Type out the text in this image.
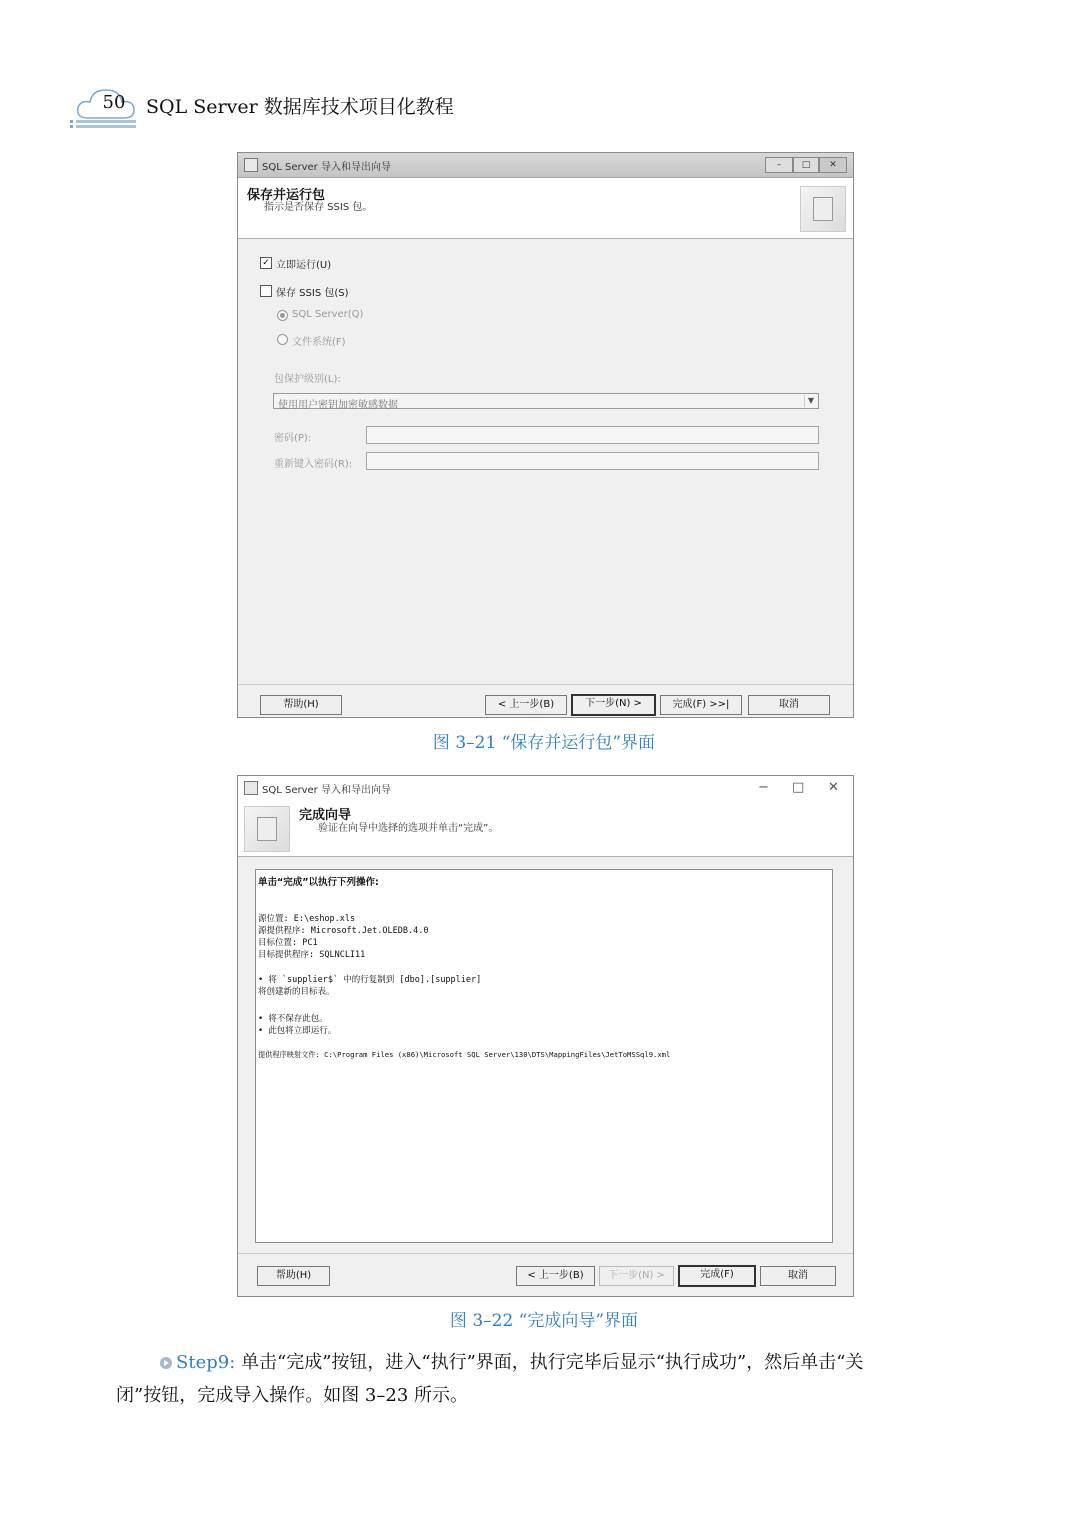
50	SQL Server 数据库技术项目化教程
SQL Server 导入和导出向导	–	□	✕
保存并运行包
指示是否保存 SSIS 包。
✓ 立即运行(U)
保存 SSIS 包(S)
SQL Server(Q)
文件系统(F)
包保护级别(L):
使用用户密钥加密敏感数据	▼
密码(P):
重新键入密码(R):
帮助(H)	< 上一步(B)	下一步(N) >	完成(F) >>|	取消
图 3–21 “保存并运行包”界面
SQL Server 导入和导出向导	− □ ✕
完成向导
验证在向导中选择的选项并单击“完成”。
单击“完成”以执行下列操作:
源位置: E:\eshop.xls
源提供程序: Microsoft.Jet.OLEDB.4.0
目标位置: PC1
目标提供程序: SQLNCLI11
• 将 `supplier$` 中的行复制到 [dbo].[supplier]
将创建新的目标表。
• 将不保存此包。
• 此包将立即运行。
提供程序映射文件: C:\Program Files (x86)\Microsoft SQL Server\130\DTS\MappingFiles\JetToMSSql9.xml
帮助(H)	< 上一步(B)	下一步(N) >	完成(F)	取消
图 3–22 “完成向导”界面
Step9: 单击“完成”按钮，进入“执行”界面，执行完毕后显示“执行成功”，然后单击“关
闭”按钮，完成导入操作。如图 3–23 所示。
